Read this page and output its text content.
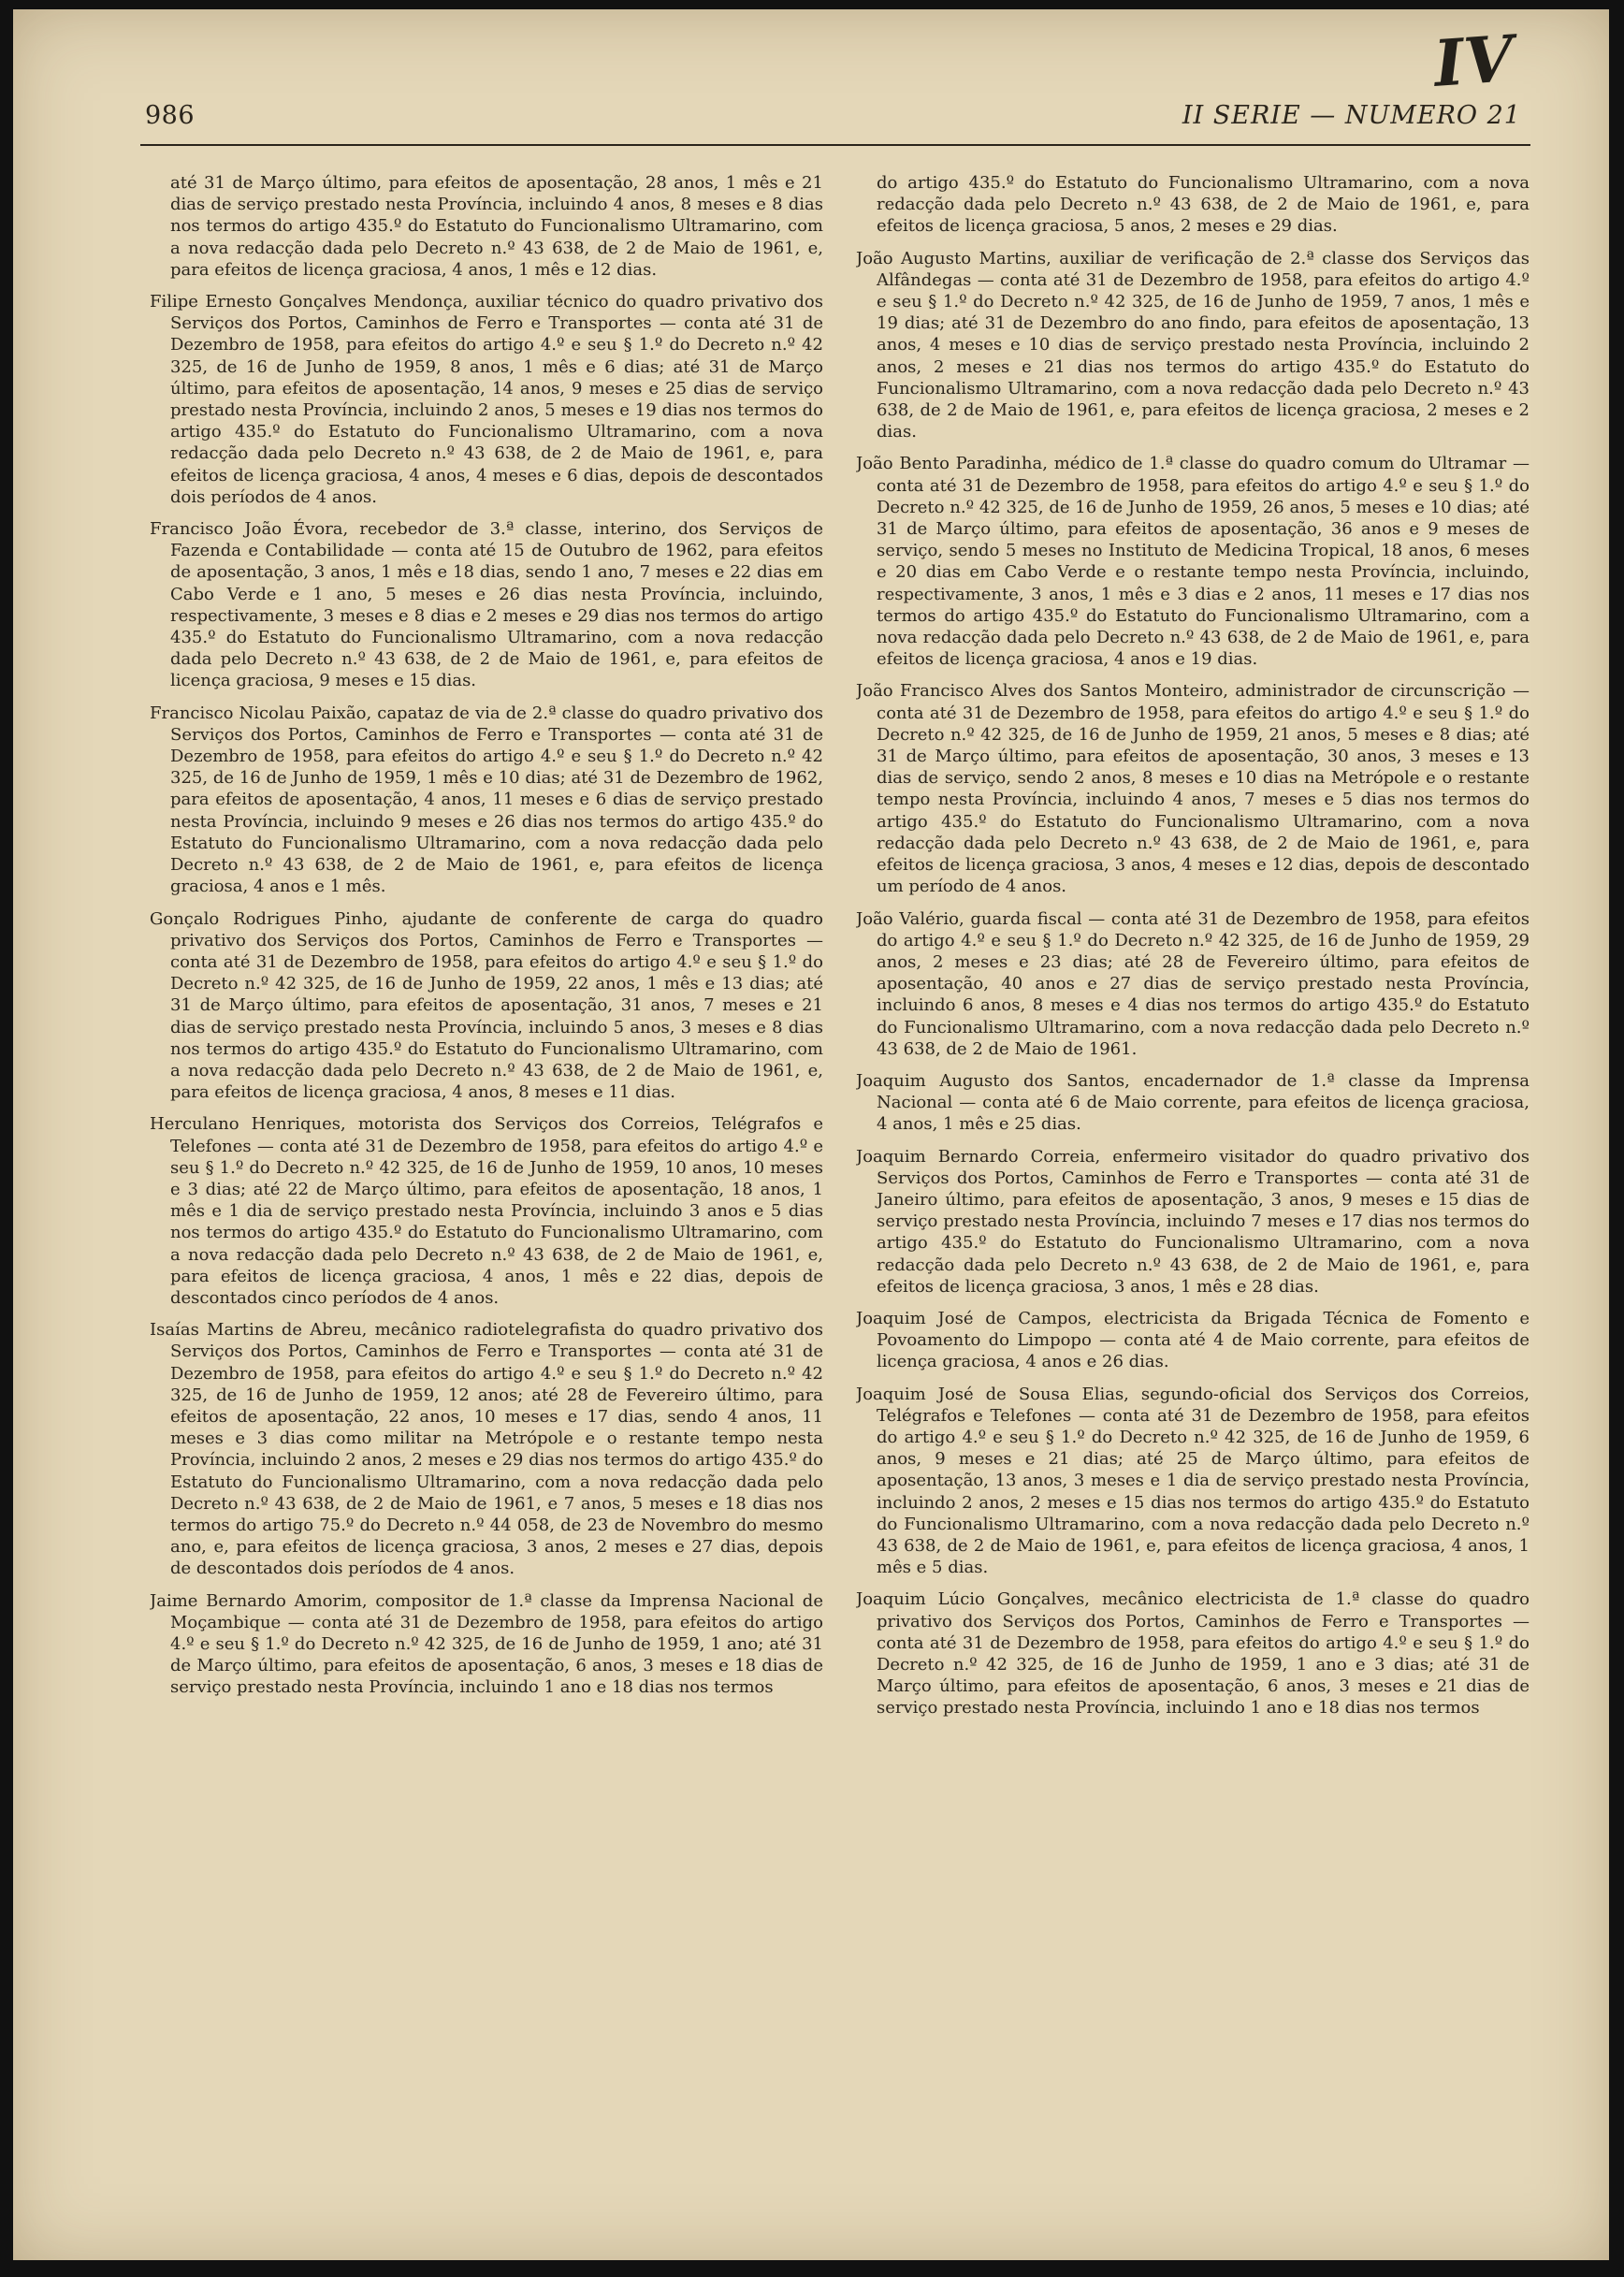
986	II SERIE — NUMERO 21
IV

até 31 de Março último, para efeitos de aposentação, 28 anos, 1 mês e 21 dias de serviço prestado nesta Província, incluindo 4 anos, 8 meses e 8 dias nos termos do artigo 435.º do Estatuto do Funcionalismo Ultramarino, com a nova redacção dada pelo Decreto n.º 43 638, de 2 de Maio de 1961, e, para efeitos de licença graciosa, 4 anos, 1 mês e 12 dias.

Filipe Ernesto Gonçalves Mendonça, auxiliar técnico do quadro privativo dos Serviços dos Portos, Caminhos de Ferro e Transportes — conta até 31 de Dezembro de 1958, para efeitos do artigo 4.º e seu § 1.º do Decreto n.º 42 325, de 16 de Junho de 1959, 8 anos, 1 mês e 6 dias; até 31 de Março último, para efeitos de aposentação, 14 anos, 9 meses e 25 dias de serviço prestado nesta Província, incluindo 2 anos, 5 meses e 19 dias nos termos do artigo 435.º do Estatuto do Funcionalismo Ultramarino, com a nova redacção dada pelo Decreto n.º 43 638, de 2 de Maio de 1961, e, para efeitos de licença graciosa, 4 anos, 4 meses e 6 dias, depois de descontados dois períodos de 4 anos.

Francisco João Évora, recebedor de 3.ª classe, interino, dos Serviços de Fazenda e Contabilidade — conta até 15 de Outubro de 1962, para efeitos de aposentação, 3 anos, 1 mês e 18 dias, sendo 1 ano, 7 meses e 22 dias em Cabo Verde e 1 ano, 5 meses e 26 dias nesta Província, incluindo, respectivamente, 3 meses e 8 dias e 2 meses e 29 dias nos termos do artigo 435.º do Estatuto do Funcionalismo Ultramarino, com a nova redacção dada pelo Decreto n.º 43 638, de 2 de Maio de 1961, e, para efeitos de licença graciosa, 9 meses e 15 dias.

Francisco Nicolau Paixão, capataz de via de 2.ª classe do quadro privativo dos Serviços dos Portos, Caminhos de Ferro e Transportes — conta até 31 de Dezembro de 1958, para efeitos do artigo 4.º e seu § 1.º do Decreto n.º 42 325, de 16 de Junho de 1959, 1 mês e 10 dias; até 31 de Dezembro de 1962, para efeitos de aposentação, 4 anos, 11 meses e 6 dias de serviço prestado nesta Província, incluindo 9 meses e 26 dias nos termos do artigo 435.º do Estatuto do Funcionalismo Ultramarino, com a nova redacção dada pelo Decreto n.º 43 638, de 2 de Maio de 1961, e, para efeitos de licença graciosa, 4 anos e 1 mês.

Gonçalo Rodrigues Pinho, ajudante de conferente de carga do quadro privativo dos Serviços dos Portos, Caminhos de Ferro e Transportes — conta até 31 de Dezembro de 1958, para efeitos do artigo 4.º e seu § 1.º do Decreto n.º 42 325, de 16 de Junho de 1959, 22 anos, 1 mês e 13 dias; até 31 de Março último, para efeitos de aposentação, 31 anos, 7 meses e 21 dias de serviço prestado nesta Província, incluindo 5 anos, 3 meses e 8 dias nos termos do artigo 435.º do Estatuto do Funcionalismo Ultramarino, com a nova redacção dada pelo Decreto n.º 43 638, de 2 de Maio de 1961, e, para efeitos de licença graciosa, 4 anos, 8 meses e 11 dias.

Herculano Henriques, motorista dos Serviços dos Correios, Telégrafos e Telefones — conta até 31 de Dezembro de 1958, para efeitos do artigo 4.º e seu § 1.º do Decreto n.º 42 325, de 16 de Junho de 1959, 10 anos, 10 meses e 3 dias; até 22 de Março último, para efeitos de aposentação, 18 anos, 1 mês e 1 dia de serviço prestado nesta Província, incluindo 3 anos e 5 dias nos termos do artigo 435.º do Estatuto do Funcionalismo Ultramarino, com a nova redacção dada pelo Decreto n.º 43 638, de 2 de Maio de 1961, e, para efeitos de licença graciosa, 4 anos, 1 mês e 22 dias, depois de descontados cinco períodos de 4 anos.

Isaías Martins de Abreu, mecânico radiotelegrafista do quadro privativo dos Serviços dos Portos, Caminhos de Ferro e Transportes — conta até 31 de Dezembro de 1958, para efeitos do artigo 4.º e seu § 1.º do Decreto n.º 42 325, de 16 de Junho de 1959, 12 anos; até 28 de Fevereiro último, para efeitos de aposentação, 22 anos, 10 meses e 17 dias, sendo 4 anos, 11 meses e 3 dias como militar na Metrópole e o restante tempo nesta Província, incluindo 2 anos, 2 meses e 29 dias nos termos do artigo 435.º do Estatuto do Funcionalismo Ultramarino, com a nova redacção dada pelo Decreto n.º 43 638, de 2 de Maio de 1961, e 7 anos, 5 meses e 18 dias nos termos do artigo 75.º do Decreto n.º 44 058, de 23 de Novembro do mesmo ano, e, para efeitos de licença graciosa, 3 anos, 2 meses e 27 dias, depois de descontados dois períodos de 4 anos.

Jaime Bernardo Amorim, compositor de 1.ª classe da Imprensa Nacional de Moçambique — conta até 31 de Dezembro de 1958, para efeitos do artigo 4.º e seu § 1.º do Decreto n.º 42 325, de 16 de Junho de 1959, 1 ano; até 31 de Março último, para efeitos de aposentação, 6 anos, 3 meses e 18 dias de serviço prestado nesta Província, incluindo 1 ano e 18 dias nos termos

do artigo 435.º do Estatuto do Funcionalismo Ultramarino, com a nova redacção dada pelo Decreto n.º 43 638, de 2 de Maio de 1961, e, para efeitos de licença graciosa, 5 anos, 2 meses e 29 dias.

João Augusto Martins, auxiliar de verificação de 2.ª classe dos Serviços das Alfândegas — conta até 31 de Dezembro de 1958, para efeitos do artigo 4.º e seu § 1.º do Decreto n.º 42 325, de 16 de Junho de 1959, 7 anos, 1 mês e 19 dias; até 31 de Dezembro do ano findo, para efeitos de aposentação, 13 anos, 4 meses e 10 dias de serviço prestado nesta Província, incluindo 2 anos, 2 meses e 21 dias nos termos do artigo 435.º do Estatuto do Funcionalismo Ultramarino, com a nova redacção dada pelo Decreto n.º 43 638, de 2 de Maio de 1961, e, para efeitos de licença graciosa, 2 meses e 2 dias.

João Bento Paradinha, médico de 1.ª classe do quadro comum do Ultramar — conta até 31 de Dezembro de 1958, para efeitos do artigo 4.º e seu § 1.º do Decreto n.º 42 325, de 16 de Junho de 1959, 26 anos, 5 meses e 10 dias; até 31 de Março último, para efeitos de aposentação, 36 anos e 9 meses de serviço, sendo 5 meses no Instituto de Medicina Tropical, 18 anos, 6 meses e 20 dias em Cabo Verde e o restante tempo nesta Província, incluindo, respectivamente, 3 anos, 1 mês e 3 dias e 2 anos, 11 meses e 17 dias nos termos do artigo 435.º do Estatuto do Funcionalismo Ultramarino, com a nova redacção dada pelo Decreto n.º 43 638, de 2 de Maio de 1961, e, para efeitos de licença graciosa, 4 anos e 19 dias.

João Francisco Alves dos Santos Monteiro, administrador de circunscrição — conta até 31 de Dezembro de 1958, para efeitos do artigo 4.º e seu § 1.º do Decreto n.º 42 325, de 16 de Junho de 1959, 21 anos, 5 meses e 8 dias; até 31 de Março último, para efeitos de aposentação, 30 anos, 3 meses e 13 dias de serviço, sendo 2 anos, 8 meses e 10 dias na Metrópole e o restante tempo nesta Província, incluindo 4 anos, 7 meses e 5 dias nos termos do artigo 435.º do Estatuto do Funcionalismo Ultramarino, com a nova redacção dada pelo Decreto n.º 43 638, de 2 de Maio de 1961, e, para efeitos de licença graciosa, 3 anos, 4 meses e 12 dias, depois de descontado um período de 4 anos.

João Valério, guarda fiscal — conta até 31 de Dezembro de 1958, para efeitos do artigo 4.º e seu § 1.º do Decreto n.º 42 325, de 16 de Junho de 1959, 29 anos, 2 meses e 23 dias; até 28 de Fevereiro último, para efeitos de aposentação, 40 anos e 27 dias de serviço prestado nesta Província, incluindo 6 anos, 8 meses e 4 dias nos termos do artigo 435.º do Estatuto do Funcionalismo Ultramarino, com a nova redacção dada pelo Decreto n.º 43 638, de 2 de Maio de 1961.

Joaquim Augusto dos Santos, encadernador de 1.ª classe da Imprensa Nacional — conta até 6 de Maio corrente, para efeitos de licença graciosa, 4 anos, 1 mês e 25 dias.

Joaquim Bernardo Correia, enfermeiro visitador do quadro privativo dos Serviços dos Portos, Caminhos de Ferro e Transportes — conta até 31 de Janeiro último, para efeitos de aposentação, 3 anos, 9 meses e 15 dias de serviço prestado nesta Província, incluindo 7 meses e 17 dias nos termos do artigo 435.º do Estatuto do Funcionalismo Ultramarino, com a nova redacção dada pelo Decreto n.º 43 638, de 2 de Maio de 1961, e, para efeitos de licença graciosa, 3 anos, 1 mês e 28 dias.

Joaquim José de Campos, electricista da Brigada Técnica de Fomento e Povoamento do Limpopo — conta até 4 de Maio corrente, para efeitos de licença graciosa, 4 anos e 26 dias.

Joaquim José de Sousa Elias, segundo-oficial dos Serviços dos Correios, Telégrafos e Telefones — conta até 31 de Dezembro de 1958, para efeitos do artigo 4.º e seu § 1.º do Decreto n.º 42 325, de 16 de Junho de 1959, 6 anos, 9 meses e 21 dias; até 25 de Março último, para efeitos de aposentação, 13 anos, 3 meses e 1 dia de serviço prestado nesta Província, incluindo 2 anos, 2 meses e 15 dias nos termos do artigo 435.º do Estatuto do Funcionalismo Ultramarino, com a nova redacção dada pelo Decreto n.º 43 638, de 2 de Maio de 1961, e, para efeitos de licença graciosa, 4 anos, 1 mês e 5 dias.

Joaquim Lúcio Gonçalves, mecânico electricista de 1.ª classe do quadro privativo dos Serviços dos Portos, Caminhos de Ferro e Transportes — conta até 31 de Dezembro de 1958, para efeitos do artigo 4.º e seu § 1.º do Decreto n.º 42 325, de 16 de Junho de 1959, 1 ano e 3 dias; até 31 de Março último, para efeitos de aposentação, 6 anos, 3 meses e 21 dias de serviço prestado nesta Província, incluindo 1 ano e 18 dias nos termos
